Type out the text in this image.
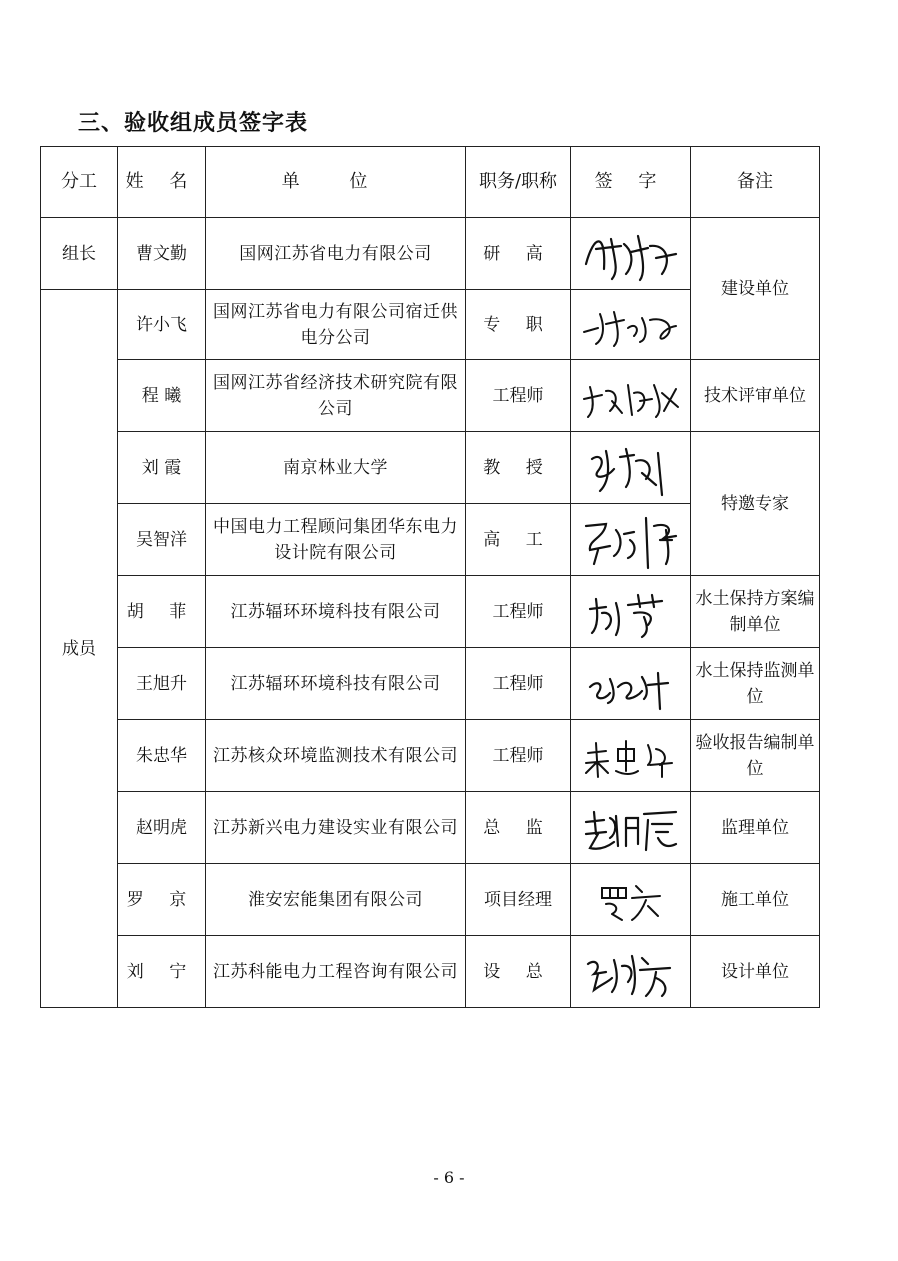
三、验收组成员签字表
分工	姓 名	单 位	职务/职称	签 字	备注
组长	曹文勤	国网江苏省电力有限公司	研 高		建设单位
成员	许小飞	国网江苏省电力有限公司宿迁供电分公司	专 职	

	程 曦	国网江苏省经济技术研究院有限公司	工程师		技术评审单位
	刘 霞	南京林业大学	教 授		特邀专家
	吴智洋	中国电力工程顾问集团华东电力设计院有限公司	高 工	

	胡 菲	江苏辐环环境科技有限公司	工程师		水土保持方案编制单位
	王旭升	江苏辐环环境科技有限公司	工程师		水土保持监测单位
	朱忠华	江苏核众环境监测技术有限公司	工程师		验收报告编制单位
	赵明虎	江苏新兴电力建设实业有限公司	总 监		监理单位
	罗 京	淮安宏能集团有限公司	项目经理		施工单位
	刘 宁	江苏科能电力工程咨询有限公司	设 总		设计单位
- 6 -
